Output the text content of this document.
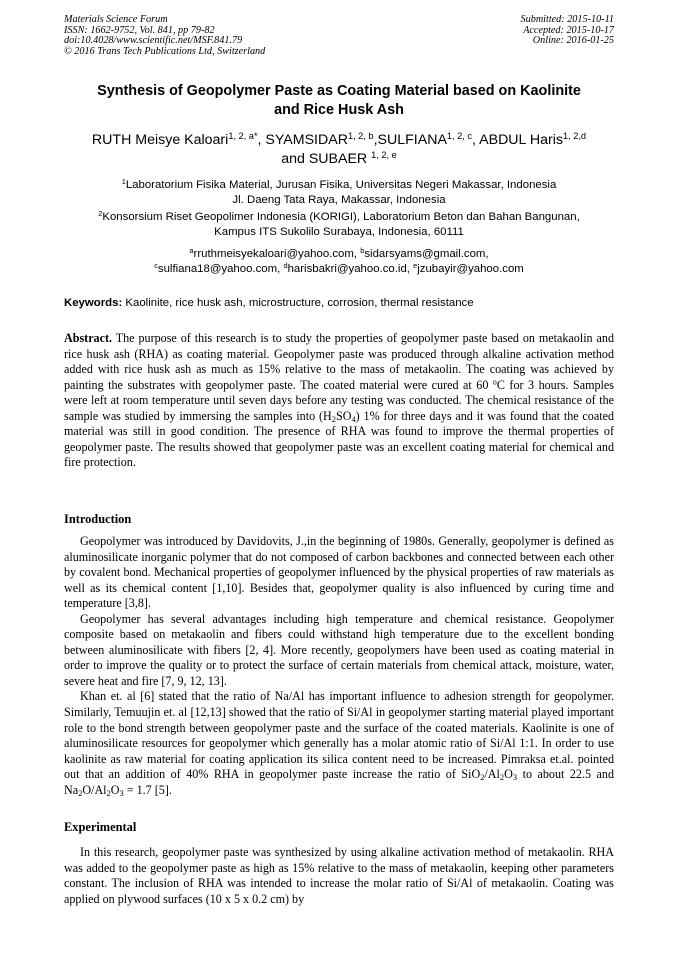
Materials Science Forum
ISSN: 1662-9752, Vol. 841, pp 79-82
doi:10.4028/www.scientific.net/MSF.841.79
© 2016 Trans Tech Publications Ltd, Switzerland
Submitted: 2015-10-11
Accepted: 2015-10-17
Online: 2016-01-25
Synthesis of Geopolymer Paste as Coating Material based on Kaolinite
and Rice Husk Ash
RUTH Meisye Kaloari$^{1, 2, a*}$, SYAMSIDAR$^{1, 2, b}$,SULFIANA$^{1, 2, c}$, ABDUL Haris$^{1, 2,d}$
and SUBAER $^{1, 2, e}$
$^1$Laboratorium Fisika Material, Jurusan Fisika, Universitas Negeri Makassar, Indonesia
Jl. Daeng Tata Raya, Makassar, Indonesia
$^2$Konsorsium Riset Geopolimer Indonesia (KORIGI), Laboratorium Beton dan Bahan Bangunan,
Kampus ITS Sukolilo Surabaya, Indonesia, 60111
$^a$rruthmeisyekaloari@yahoo.com, $^b$sidarsyams@gmail.com,
$^c$sulfiana18@yahoo.com, $^d$harisbakri@yahoo.co.id, $^e$jzubayir@yahoo.com
Keywords: Kaolinite, rice husk ash, microstructure, corrosion, thermal resistance
Abstract. The purpose of this research is to study the properties of geopolymer paste based on metakaolin and rice husk ash (RHA) as coating material. Geopolymer paste was produced through alkaline activation method added with rice husk ash as much as 15% relative to the mass of metakaolin. The coating was achieved by painting the substrates with geopolymer paste. The coated material were cured at 60 $^o$C for 3 hours. Samples were left at room temperature until seven days before any testing was conducted. The chemical resistance of the sample was studied by immersing the samples into $(H_2SO_4)$ 1% for three days and it was found that the coated material was still in good condition. The presence of RHA was found to improve the thermal properties of geopolymer paste. The results showed that geopolymer paste was an excellent coating material for chemical and fire protection.
Introduction

Geopolymer was introduced by Davidovits, J.,in the beginning of 1980s. Generally, geopolymer is defined as aluminosilicate inorganic polymer that do not composed of carbon backbones and connected between each other by covalent bond. Mechanical properties of geopolymer influenced by the physical properties of raw materials as well as its chemical content [1,10]. Besides that, geopolymer quality is also influenced by curing time and temperature [3,8].

Geopolymer has several advantages including high temperature and chemical resistance. Geopolymer composite based on metakaolin and fibers could withstand high temperature due to the excellent bonding between aluminosilicate with fibers [2, 4]. More recently, geopolymers have been used as coating material in order to improve the quality or to protect the surface of certain materials from chemical attack, moisture, water, severe heat and fire [7, 9, 12, 13].

Khan et. al [6] stated that the ratio of Na/Al has important influence to adhesion strength for geopolymer. Similarly, Temuujin et. al [12,13] showed that the ratio of Si/Al in geopolymer starting material played important role to the bond strength between geopolymer paste and the surface of the coated materials. Kaolinite is one of aluminosilicate resources for geopolymer which generally has a molar atomic ratio of Si/Al 1:1. In order to use kaolinite as raw material for coating application its silica content need to be increased. Pimraksa et.al. pointed out that an addition of 40% RHA in geopolymer paste increase the ratio of $SiO_2/Al_2O_3$ to about 22.5 and $Na_2O/Al_2O_3 = 1.7$ [5].

Experimental

In this research, geopolymer paste was synthesized by using alkaline activation method of metakaolin. RHA was added to the geopolymer paste as high as 15% relative to the mass of metakaolin, keeping other parameters constant. The inclusion of RHA was intended to increase the molar ratio of Si/Al of metakaolin. Coating was applied on plywood surfaces (10 x 5 x 0.2 cm) by
